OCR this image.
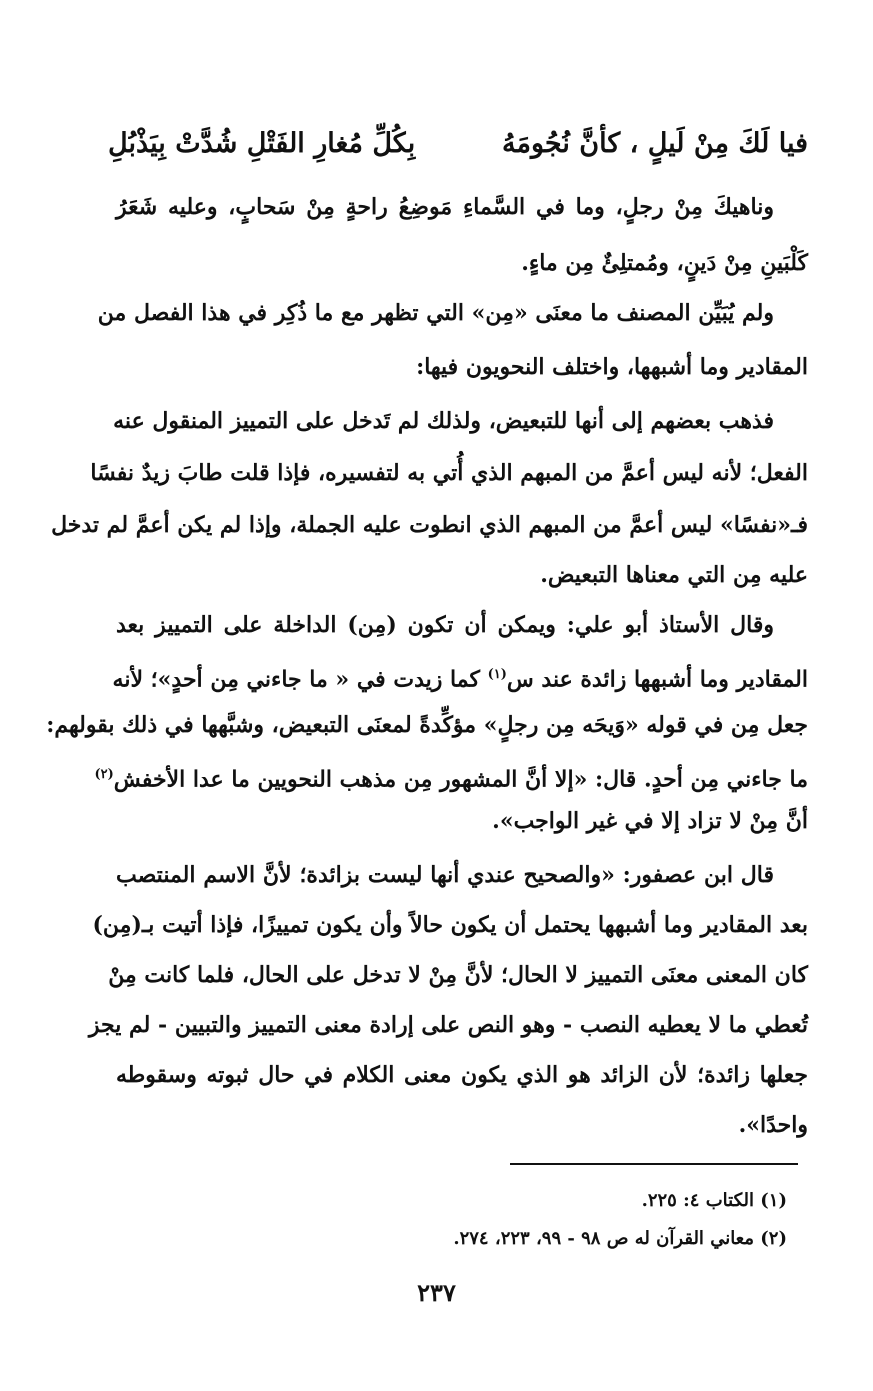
فيا لَكَ مِنْ لَيلٍ ، كأنَّ نُجُومَهُ
بِكُلِّ مُغارِ الفَتْلِ شُدَّتْ بِيَذْبُلِ
وناهيكَ مِنْ رجلٍ، وما في السَّماءِ مَوضِعُ راحةٍ مِنْ سَحابٍ، وعليه شَعَرُ
كَلْبَينِ مِنْ دَينٍ، ومُمتلِئٌ مِن ماءٍ.
ولم يُبَيِّن المصنف ما معنَى «مِن» التي تظهر مع ما ذُكِر في هذا الفصل من
المقادير وما أشبهها، واختلف النحويون فيها:
فذهب بعضهم إلى أنها للتبعيض، ولذلك لم تَدخل على التمييز المنقول عنه
الفعل؛ لأنه ليس أعمَّ من المبهم الذي أُتي به لتفسيره، فإذا قلت طابَ زيدٌ نفسًا
فـ«نفسًا» ليس أعمَّ من المبهم الذي انطوت عليه الجملة، وإذا لم يكن أعمَّ لم تدخل
عليه مِن التي معناها التبعيض.
وقال الأستاذ أبو علي: ويمكن أن تكون (مِن) الداخلة على التمييز بعد
المقادير وما أشبهها زائدة عند س$^{(١)}$ كما زيدت في « ما جاءني مِن أحدٍ»؛ لأنه
جعل مِن في قوله «وَيحَه مِن رجلٍ» مؤكِّدةً لمعنَى التبعيض، وشبَّهها في ذلك بقولهم:
ما جاءني مِن أحدٍ. قال: «إلا أنَّ المشهور مِن مذهب النحويين ما عدا الأخفش$^{(٢)}$
أنَّ مِنْ لا تزاد إلا في غير الواجب».
قال ابن عصفور: «والصحيح عندي أنها ليست بزائدة؛ لأنَّ الاسم المنتصب
بعد المقادير وما أشبهها يحتمل أن يكون حالاً وأن يكون تمييزًا، فإذا أتيت بـ(مِن)
كان المعنى معنَى التمييز لا الحال؛ لأنَّ مِنْ لا تدخل على الحال، فلما كانت مِنْ
تُعطي ما لا يعطيه النصب - وهو النص على إرادة معنى التمييز والتبيين - لم يجز
جعلها زائدة؛ لأن الزائد هو الذي يكون معنى الكلام في حال ثبوته وسقوطه
واحدًا».
(١) الكتاب ٤: ٢٢٥.
(٢) معاني القرآن له ص ٩٨ - ٩٩، ٢٢٣، ٢٧٤.
٢٣٧
